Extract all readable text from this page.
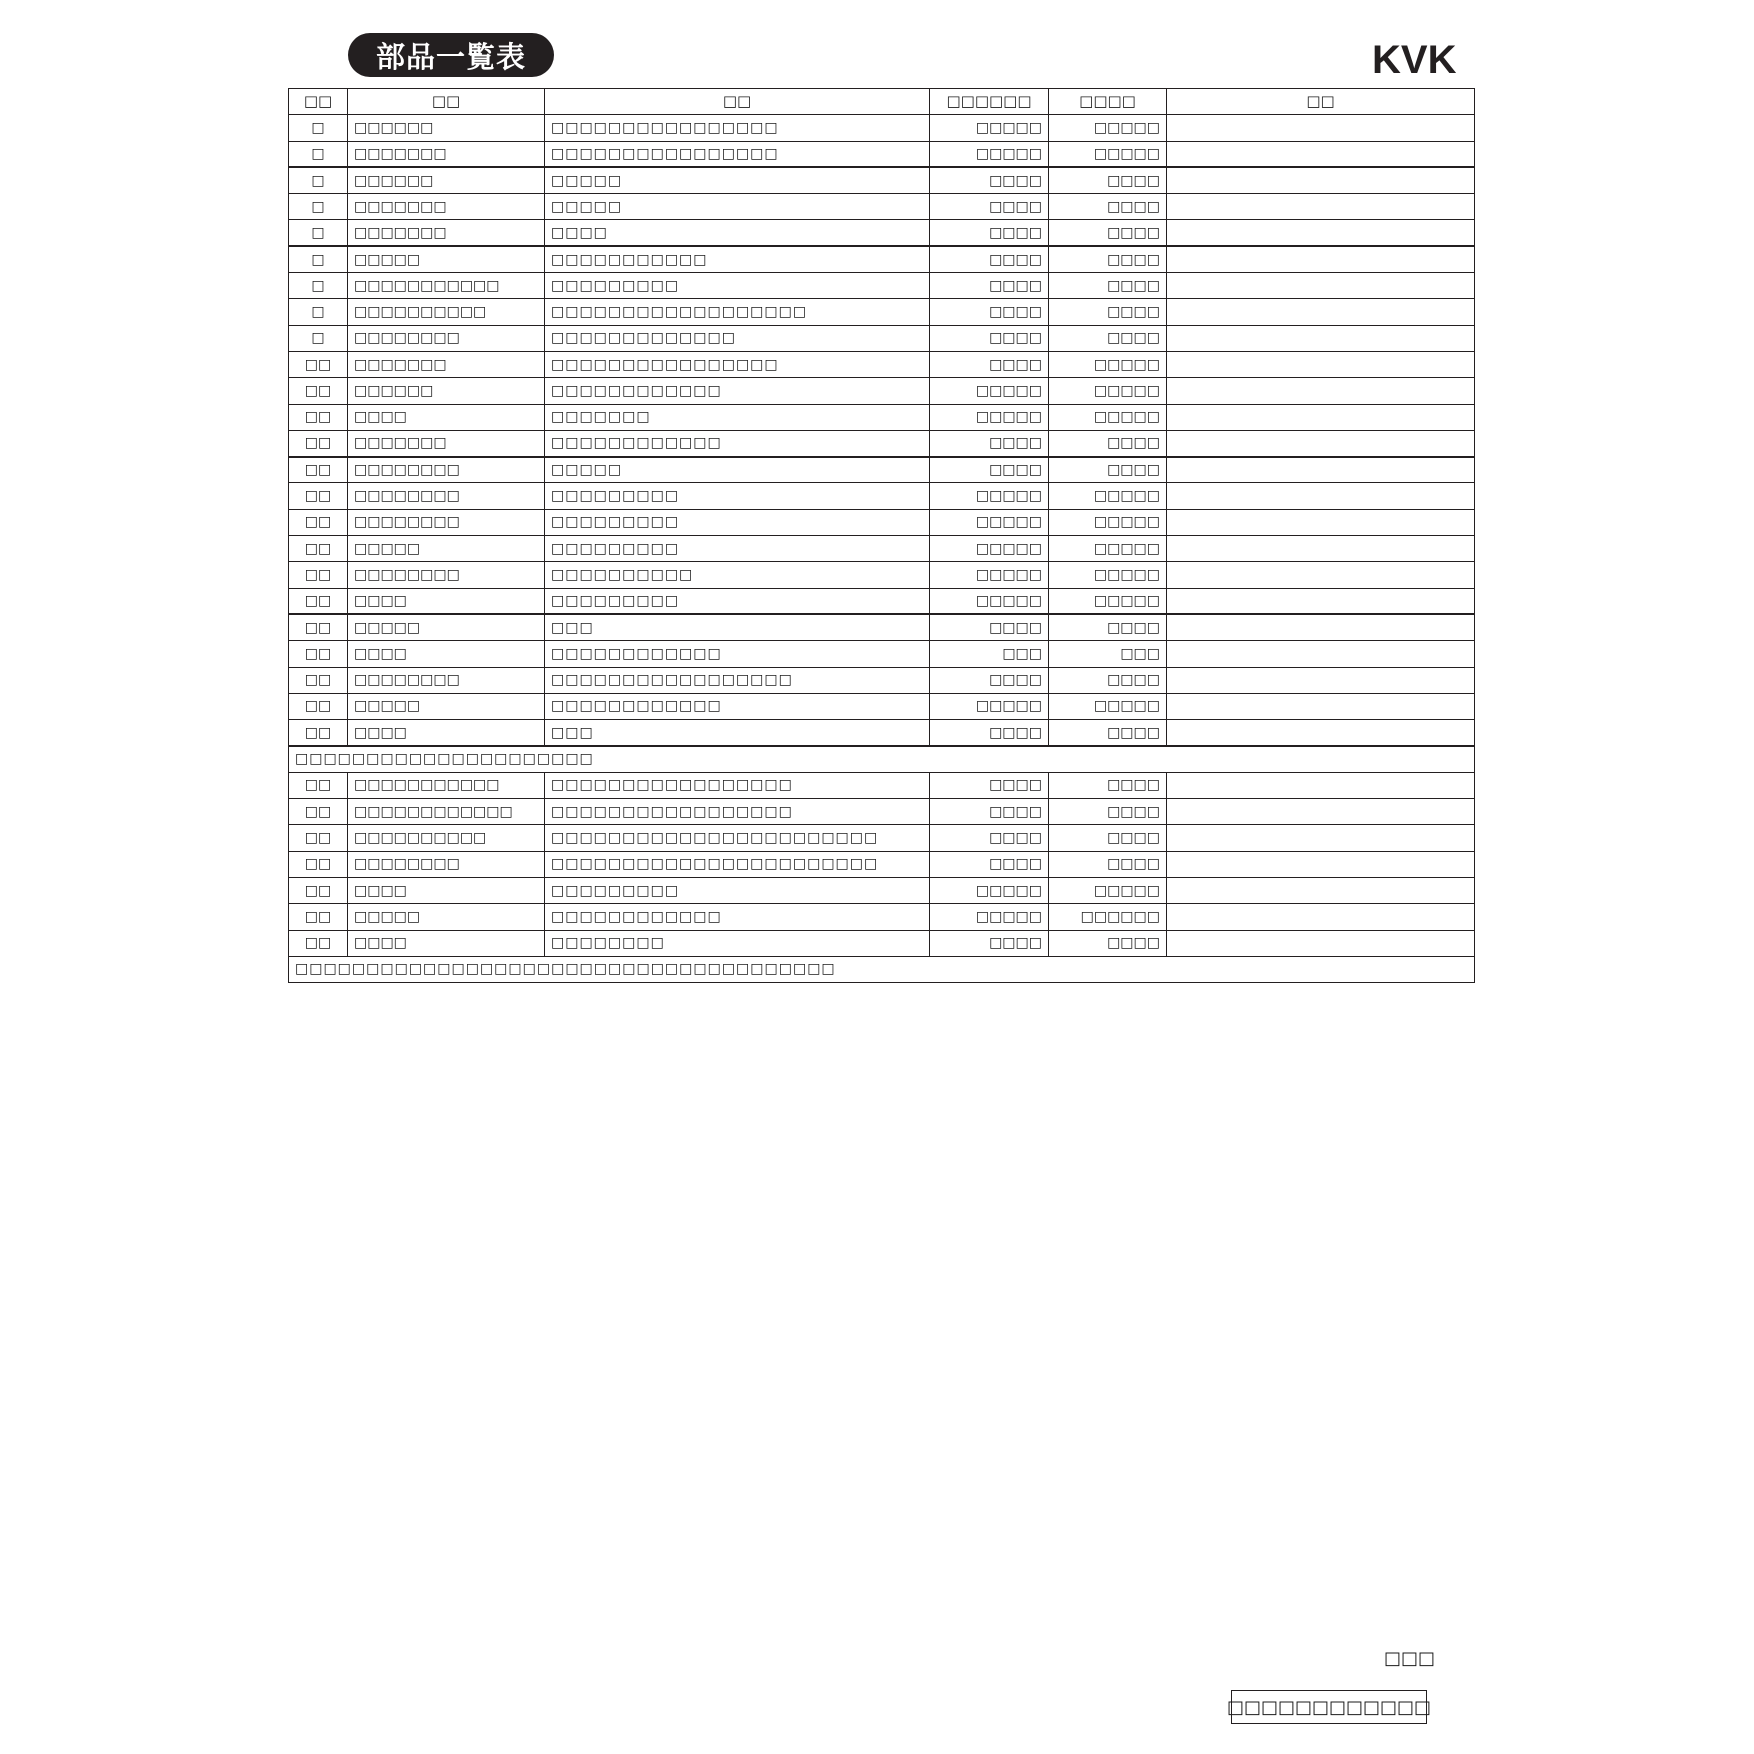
部品一覧表	KVK
□□	□□	□□	□□□□□□	□□□□	□□
□	□□□□□□	□□□□□□□□□□□□□□□□	□□□□□	□□□□□	
□	□□□□□□□	□□□□□□□□□□□□□□□□	□□□□□	□□□□□	
□	□□□□□□	□□□□□	□□□□	□□□□	
□	□□□□□□□	□□□□□	□□□□	□□□□	
□	□□□□□□□	□□□□	□□□□	□□□□	
□	□□□□□	□□□□□□□□□□□	□□□□	□□□□	
□	□□□□□□□□□□□	□□□□□□□□□	□□□□	□□□□	
□	□□□□□□□□□□	□□□□□□□□□□□□□□□□□□	□□□□	□□□□	
□	□□□□□□□□	□□□□□□□□□□□□□	□□□□	□□□□	
□□	□□□□□□□	□□□□□□□□□□□□□□□□	□□□□	□□□□□	
□□	□□□□□□	□□□□□□□□□□□□	□□□□□	□□□□□	
□□	□□□□	□□□□□□□	□□□□□	□□□□□	
□□	□□□□□□□	□□□□□□□□□□□□	□□□□	□□□□	
□□	□□□□□□□□	□□□□□	□□□□	□□□□	
□□	□□□□□□□□	□□□□□□□□□	□□□□□	□□□□□	
□□	□□□□□□□□	□□□□□□□□□	□□□□□	□□□□□	
□□	□□□□□	□□□□□□□□□	□□□□□	□□□□□	
□□	□□□□□□□□	□□□□□□□□□□	□□□□□	□□□□□	
□□	□□□□	□□□□□□□□□	□□□□□	□□□□□	
□□	□□□□□	□□□	□□□□	□□□□	
□□	□□□□	□□□□□□□□□□□□	□□□	□□□	
□□	□□□□□□□□	□□□□□□□□□□□□□□□□□	□□□□	□□□□	
□□	□□□□□	□□□□□□□□□□□□	□□□□□	□□□□□	
□□	□□□□	□□□	□□□□	□□□□	
□□□□□□□□□□□□□□□□□□□□□					
□□	□□□□□□□□□□□	□□□□□□□□□□□□□□□□□	□□□□	□□□□	
□□	□□□□□□□□□□□□	□□□□□□□□□□□□□□□□□	□□□□	□□□□	
□□	□□□□□□□□□□	□□□□□□□□□□□□□□□□□□□□□□□	□□□□	□□□□	
□□	□□□□□□□□	□□□□□□□□□□□□□□□□□□□□□□□	□□□□	□□□□	
□□	□□□□	□□□□□□□□□	□□□□□	□□□□□	
□□	□□□□□	□□□□□□□□□□□□	□□□□□	□□□□□□	
□□	□□□□	□□□□□□□□	□□□□	□□□□	
□□□□□□□□□□□□□□□□□□□□□□□□□□□□□□□□□□□□□□					
□□□
□□□□□□□□□□□□
